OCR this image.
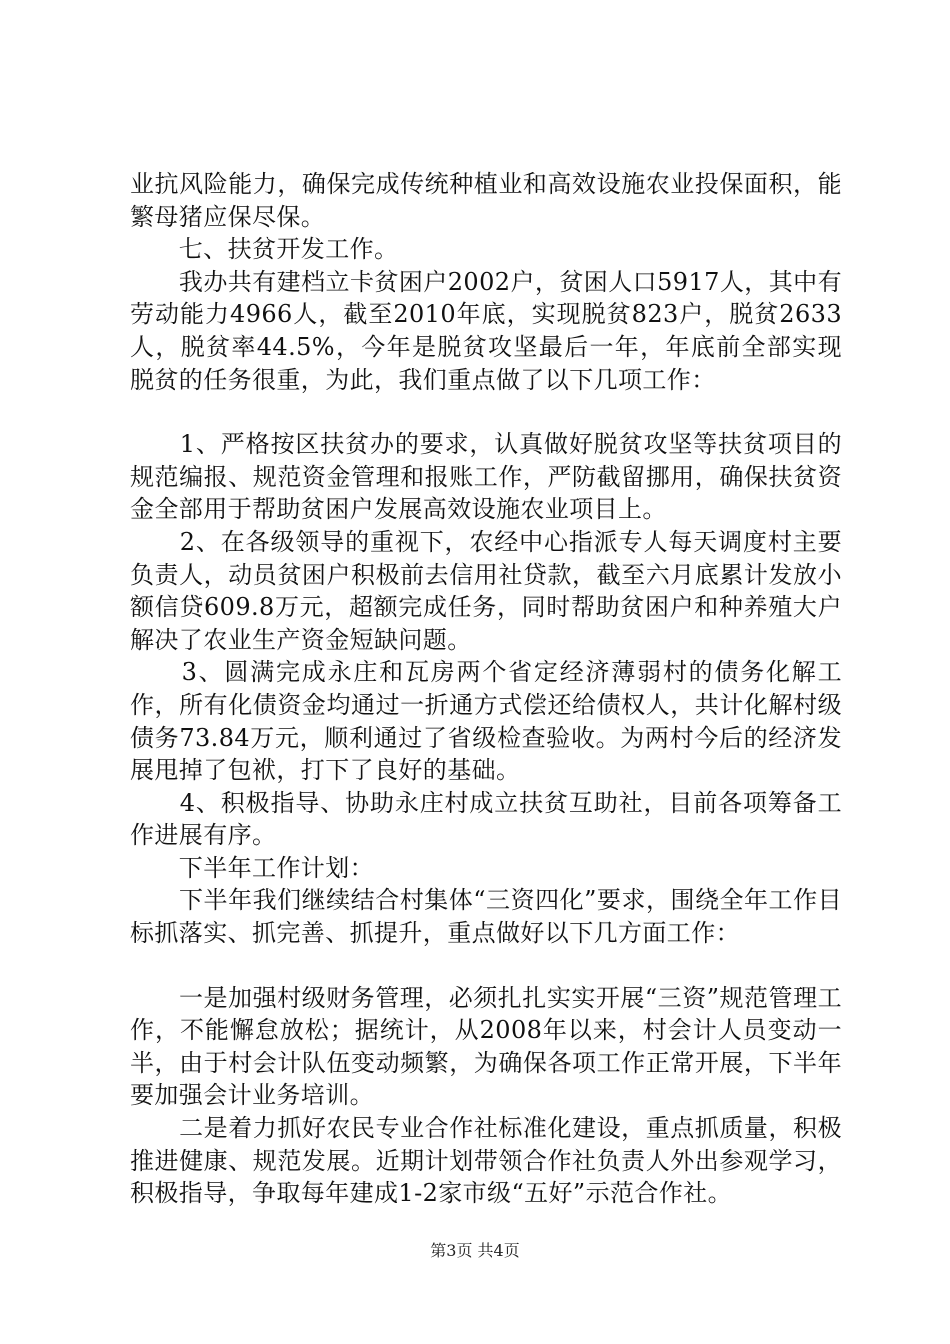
业抗风险能力，确保完成传统种植业和高效设施农业投保面积，能繁母猪应保尽保。

　　七、扶贫开发工作。

　　我办共有建档立卡贫困户2002户，贫困人口5917人，其中有劳动能力4966人，截至2010年底，实现脱贫823户，脱贫2633人，脱贫率44.5%，今年是脱贫攻坚最后一年，年底前全部实现脱贫的任务很重，为此，我们重点做了以下几项工作：

　　1、严格按区扶贫办的要求，认真做好脱贫攻坚等扶贫项目的规范编报、规范资金管理和报账工作，严防截留挪用，确保扶贫资金全部用于帮助贫困户发展高效设施农业项目上。

　　2、在各级领导的重视下，农经中心指派专人每天调度村主要负责人，动员贫困户积极前去信用社贷款，截至六月底累计发放小额信贷609.8万元，超额完成任务，同时帮助贫困户和种养殖大户解决了农业生产资金短缺问题。

　　3、圆满完成永庄和瓦房两个省定经济薄弱村的债务化解工作，所有化债资金均通过一折通方式偿还给债权人，共计化解村级债务73.84万元，顺利通过了省级检查验收。为两村今后的经济发展甩掉了包袱，打下了良好的基础。

　　4、积极指导、协助永庄村成立扶贫互助社，目前各项筹备工作进展有序。

　　下半年工作计划：

　　下半年我们继续结合村集体“三资四化”要求，围绕全年工作目标抓落实、抓完善、抓提升，重点做好以下几方面工作：

　　一是加强村级财务管理，必须扎扎实实开展“三资”规范管理工作，不能懈怠放松；据统计，从2008年以来，村会计人员变动一半，由于村会计队伍变动频繁，为确保各项工作正常开展，下半年要加强会计业务培训。

　　二是着力抓好农民专业合作社标准化建设，重点抓质量，积极推进健康、规范发展。近期计划带领合作社负责人外出参观学习，积极指导，争取每年建成1-2家市级“五好”示范合作社。

第3页 共4页
